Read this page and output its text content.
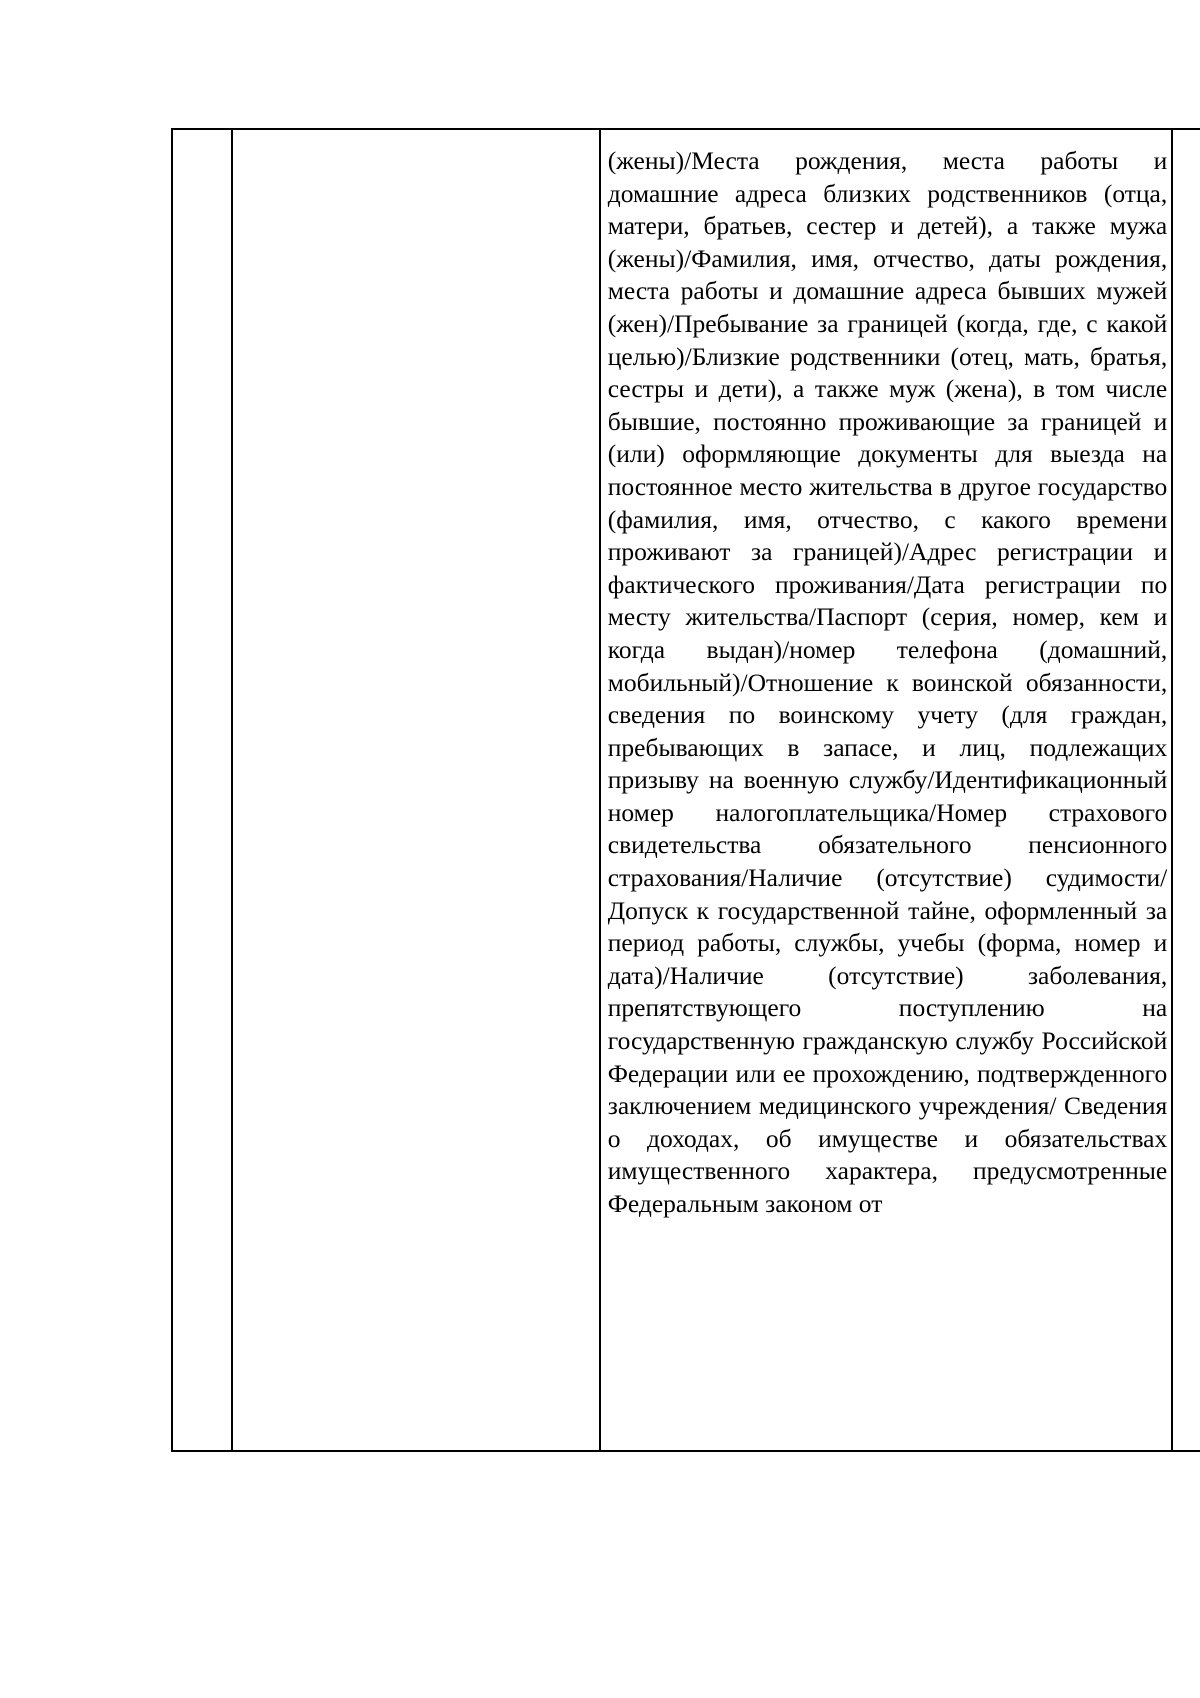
(жены)/Места рождения, места работы и домашние адреса близких родственников (отца, матери, братьев, сестер и детей), а также мужа (жены)/Фамилия, имя, отчество, даты рождения, места работы и домашние адреса бывших мужей (жен)/Пребывание за границей (когда, где, с какой целью)/Близкие родственники (отец, мать, братья, сестры и дети), а также муж (жена), в том числе бывшие, постоянно проживающие за границей и (или) оформляющие документы для выезда на постоянное место жительства в другое государство (фамилия, имя, отчество, с какого времени проживают за границей)/Адрес регистрации и фактического проживания/Дата регистрации по месту жительства/Паспорт (серия, номер, кем и когда выдан)/номер телефона (домашний, мобильный)/Отношение к воинской обязанности, сведения по воинскому учету (для граждан, пребывающих в запасе, и лиц, подлежащих призыву на военную службу/Идентификационный номер налогоплательщика/Номер страхового свидетельства обязательного пенсионного страхования/Наличие (отсутствие) судимости/Допуск к государственной тайне, оформленный за период работы, службы, учебы (форма, номер и дата)/Наличие (отсутствие) заболевания, препятствующего поступлению на государственную гражданскую службу Российской Федерации или ее прохождению, подтвержденного заключением медицинского учреждения/ Сведения о доходах, об имуществе и обязательствах имущественного характера, предусмотренные Федеральным законом от
